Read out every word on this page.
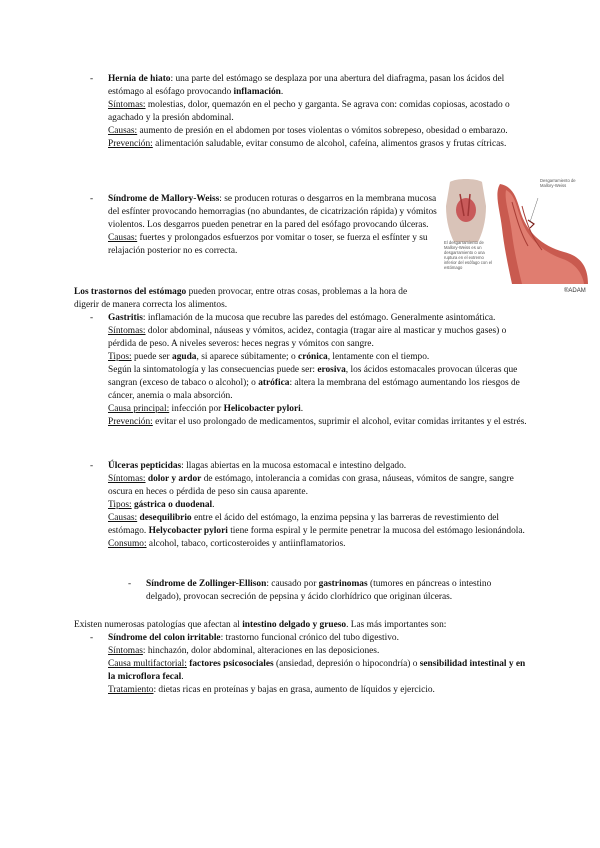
-	Hernia de hiato: una parte del estómago se desplaza por una abertura del diafragma, pasan los ácidos del estómago al esófago provocando inflamación.
Síntomas: molestias, dolor, quemazón en el pecho y garganta. Se agrava con: comidas copiosas, acostado o agachado y la presión abdominal.
Causas: aumento de presión en el abdomen por toses violentas o vómitos sobrepeso, obesidad o embarazo.
Prevención: alimentación saludable, evitar consumo de alcohol, cafeína, alimentos grasos y frutas cítricas.
-	Síndrome de Mallory-Weiss: se producen roturas o desgarros en la membrana mucosa del esfínter provocando hemorragias (no abundantes, de cicatrización rápida) y vómitos violentos. Los desgarros pueden penetrar en la pared del esófago provocando úlceras.
Causas: fuertes y prolongados esfuerzos por vomitar o toser, se fuerza el esfínter y su relajación posterior no es correcta.
Desgarramiento de Mallory-Weiss
El desgarramiento de Mallory-Weiss es un desgarramiento o una ruptura en el extremo inferior del esófago con el estómago
®ADAM
Los trastornos del estómago pueden provocar, entre otras cosas, problemas a la hora de digerir de manera correcta los alimentos.
-	Gastritis: inflamación de la mucosa que recubre las paredes del estómago. Generalmente asintomática.
Síntomas: dolor abdominal, náuseas y vómitos, acidez, contagia (tragar aire al masticar y muchos gases) o pérdida de peso. A niveles severos: heces negras y vómitos con sangre.
Tipos: puede ser aguda, si aparece súbitamente; o crónica, lentamente con el tiempo.
Según la sintomatología y las consecuencias puede ser: erosiva, los ácidos estomacales provocan úlceras que sangran (exceso de tabaco o alcohol); o atrófica: altera la membrana del estómago aumentando los riesgos de cáncer, anemia o mala absorción.
Causa principal: infección por Helicobacter pylori.
Prevención: evitar el uso prolongado de medicamentos, suprimir el alcohol, evitar comidas irritantes y el estrés.
-	Úlceras pepticidas: llagas abiertas en la mucosa estomacal e intestino delgado.
Síntomas: dolor y ardor de estómago, intolerancia a comidas con grasa, náuseas, vómitos de sangre, sangre oscura en heces o pérdida de peso sin causa aparente.
Tipos: gástrica o duodenal.
Causas: desequilibrio entre el ácido del estómago, la enzima pepsina y las barreras de revestimiento del estómago. Helycobacter pylori tiene forma espiral y le permite penetrar la mucosa del estómago lesionándola.
Consumo: alcohol, tabaco, corticosteroides y antiinflamatorios.
-	Síndrome de Zollinger-Ellison: causado por gastrinomas (tumores en páncreas o intestino delgado), provocan secreción de pepsina y ácido clorhídrico que originan úlceras.
Existen numerosas patologías que afectan al intestino delgado y grueso. Las más importantes son:
-	Síndrome del colon irritable: trastorno funcional crónico del tubo digestivo.
Síntomas: hinchazón, dolor abdominal, alteraciones en las deposiciones.
Causa multifactorial: factores psicosociales (ansiedad, depresión o hipocondría) o sensibilidad intestinal y en la microflora fecal.
Tratamiento: dietas ricas en proteínas y bajas en grasa, aumento de líquidos y ejercicio.
